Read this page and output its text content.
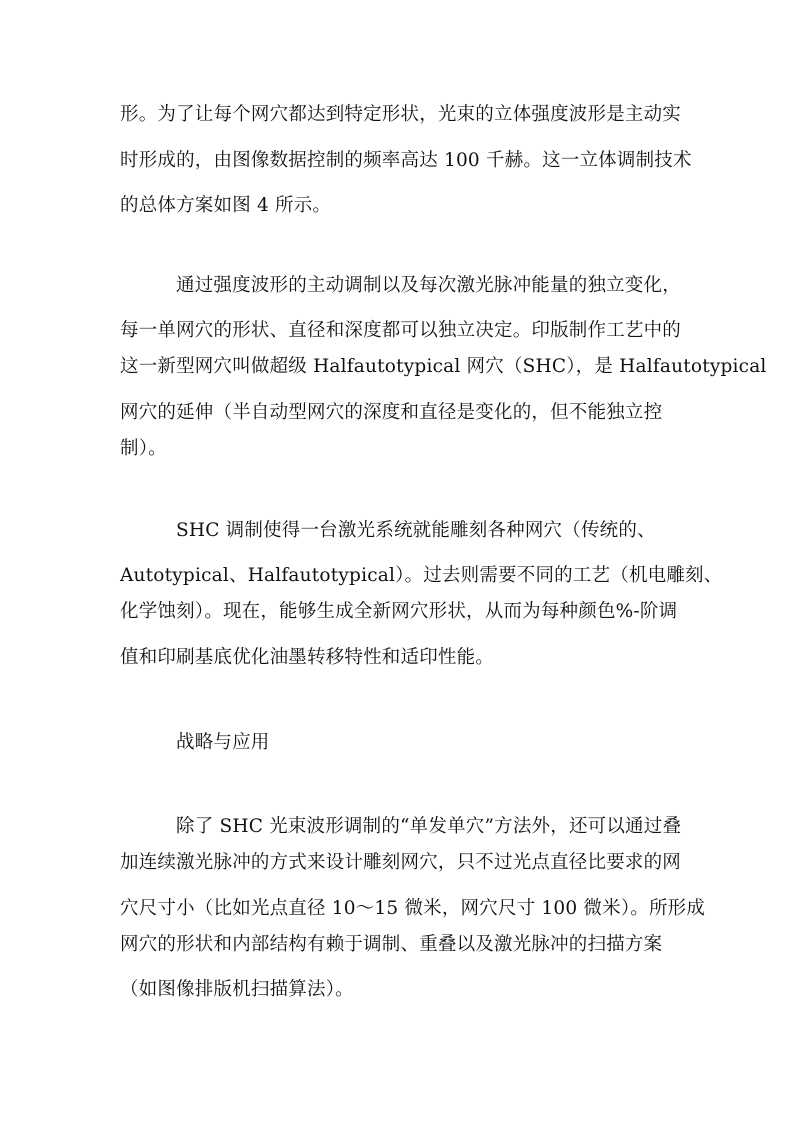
形。为了让每个网穴都达到特定形状，光束的立体强度波形是主动实
时形成的，由图像数据控制的频率高达 100 千赫。这一立体调制技术
的总体方案如图 4 所示。
通过强度波形的主动调制以及每次激光脉冲能量的独立变化，
每一单网穴的形状、直径和深度都可以独立决定。印版制作工艺中的
这一新型网穴叫做超级 Halfautotypical 网穴（SHC），是 Halfautotypical
网穴的延伸（半自动型网穴的深度和直径是变化的，但不能独立控
制）。
SHC 调制使得一台激光系统就能雕刻各种网穴（传统的、
Autotypical、Halfautotypical）。过去则需要不同的工艺（机电雕刻、
化学蚀刻）。现在，能够生成全新网穴形状，从而为每种颜色%-阶调
值和印刷基底优化油墨转移特性和适印性能。
战略与应用
除了 SHC 光束波形调制的“单发单穴”方法外，还可以通过叠
加连续激光脉冲的方式来设计雕刻网穴，只不过光点直径比要求的网
穴尺寸小（比如光点直径 10～15 微米，网穴尺寸 100 微米）。所形成
网穴的形状和内部结构有赖于调制、重叠以及激光脉冲的扫描方案
（如图像排版机扫描算法）。
